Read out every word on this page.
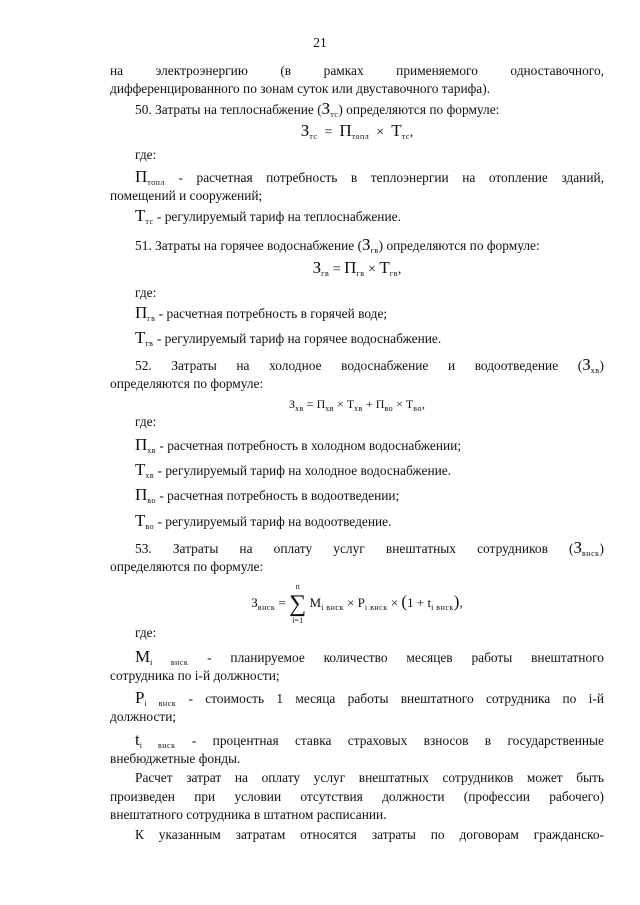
21
на электроэнергию (в рамках применяемого одноставочного,
дифференцированного по зонам суток или двуставочного тарифа).
50. Затраты на теплоснабжение $(З_{тс})$ определяются по формуле:
$З_{тс} = П_{топл} \times Т_{тс}$,
где:
$П_{топл}$ - расчетная потребность в теплоэнергии на отопление зданий,
помещений и сооружений;
$Т_{тс}$ - регулируемый тариф на теплоснабжение.
51. Затраты на горячее водоснабжение $(З_{гв})$ определяются по формуле:
$З_{гв} = П_{гв} \times Т_{гв}$,
где:
$П_{гв}$ - расчетная потребность в горячей воде;
$Т_{гв}$ - регулируемый тариф на горячее водоснабжение.
52. Затраты на холодное водоснабжение и водоотведение $(З_{хв})$
определяются по формуле:
$З_{хв} = П_{хв} \times Т_{хв} + П_{во} \times Т_{во}$,
где:
$П_{хв}$ - расчетная потребность в холодном водоснабжении;
$Т_{хв}$ - регулируемый тариф на холодное водоснабжение.
$П_{во}$ - расчетная потребность в водоотведении;
$Т_{во}$ - регулируемый тариф на водоотведение.
53. Затраты на оплату услуг внештатных сотрудников $(З_{внск})$
определяются по формуле:
$З_{внск} = n$
∑
i=1 $M_{i внск} \times P_{i внск} \times (1 + t_{i внск})$,
где:
$M_{i внск}$ - планируемое количество месяцев работы внештатного
сотрудника по i-й должности;
$P_{i внск}$ - стоимость 1 месяца работы внештатного сотрудника по i-й
должности;
$t_{i внск}$ - процентная ставка страховых взносов в государственные
внебюджетные фонды.
Расчет затрат на оплату услуг внештатных сотрудников может быть
произведен при условии отсутствия должности (профессии рабочего)
внештатного сотрудника в штатном расписании.
К указанным затратам относятся затраты по договорам гражданско-
